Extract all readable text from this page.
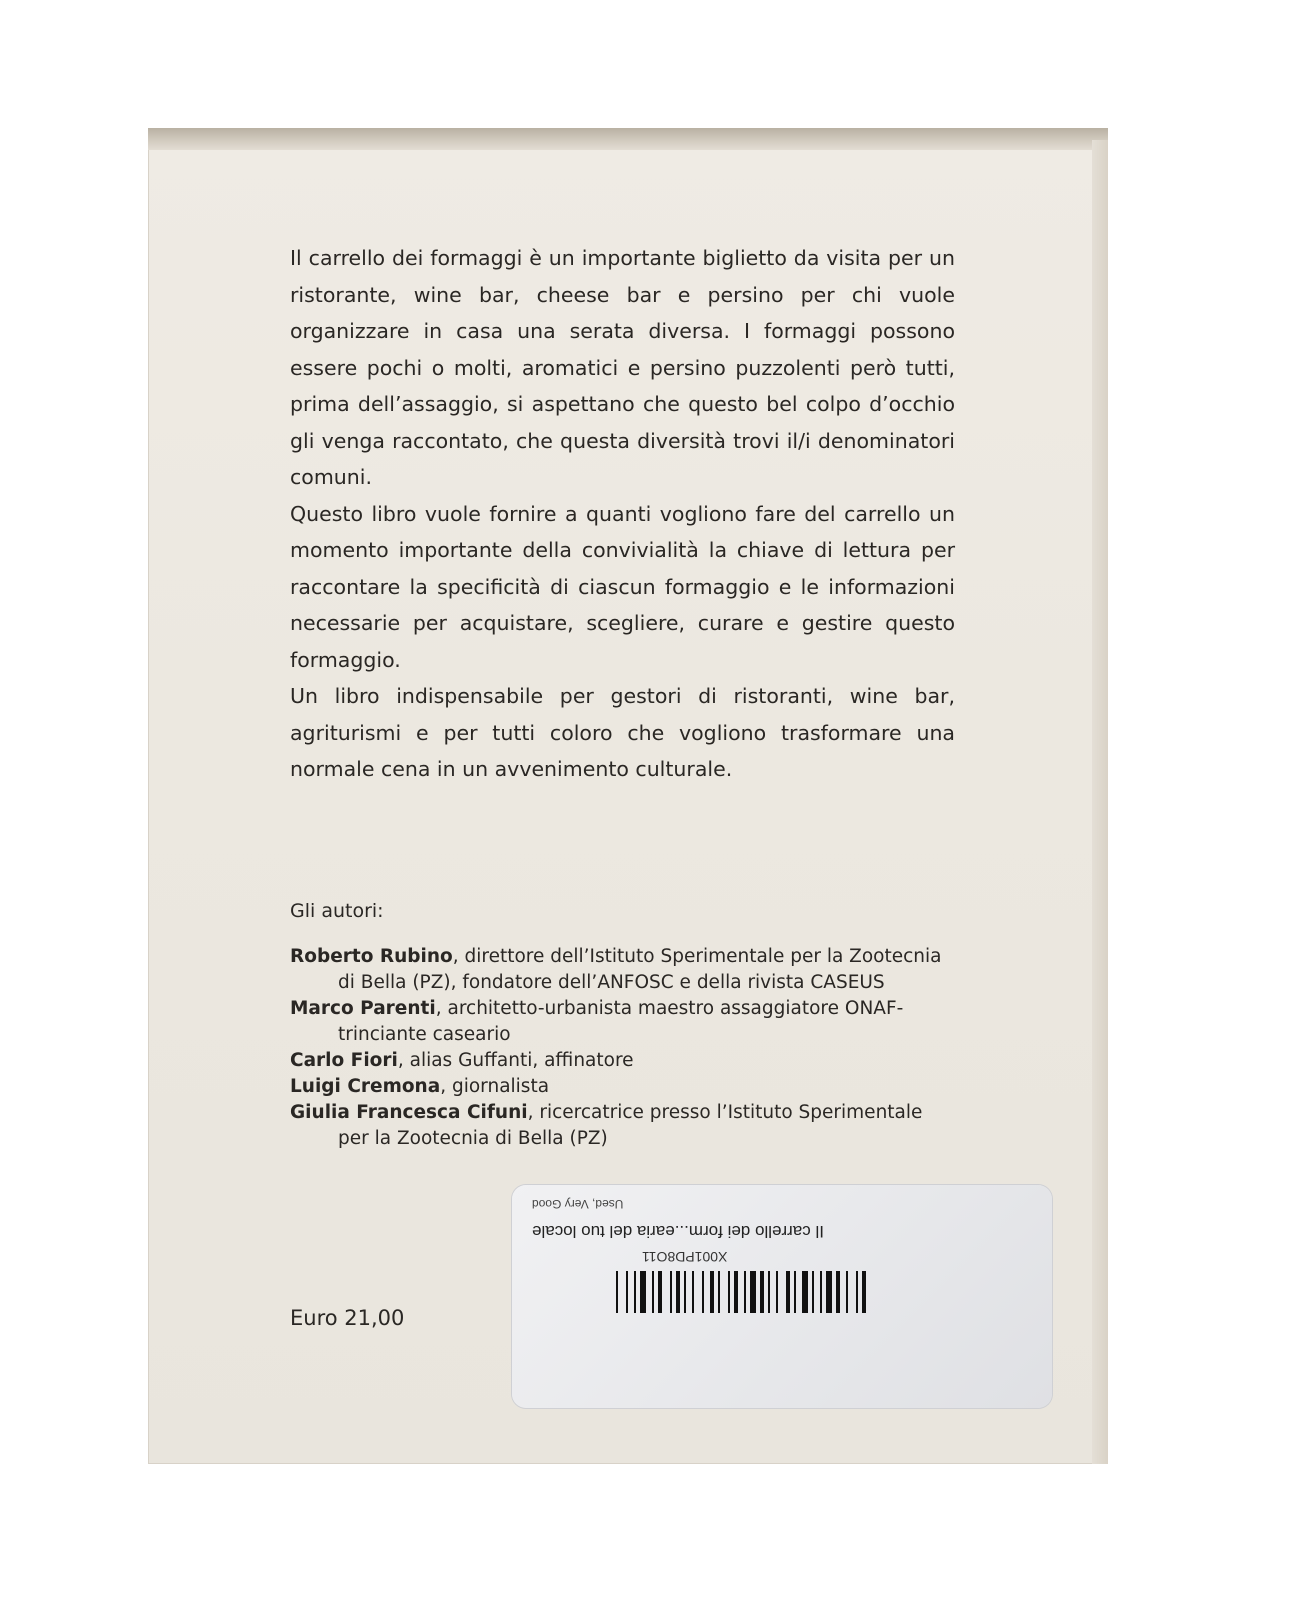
Il carrello dei formaggi è un importante biglietto da visita per un ristorante, wine bar, cheese bar e persino per chi vuole organizzare in casa una serata diversa. I formaggi possono essere pochi o molti, aromatici e persino puzzolenti però tutti, prima dell’assaggio, si aspettano che questo bel colpo d’occhio gli venga raccontato, che questa diversità trovi il/i denominatori comuni.

Questo libro vuole fornire a quanti vogliono fare del carrello un momento importante della convivialità la chiave di lettura per raccontare la specificità di ciascun formaggio e le informazioni necessarie per acquistare, scegliere, curare e gestire questo formaggio.

Un libro indispensabile per gestori di ristoranti, wine bar, agriturismi e per tutti coloro che vogliono trasformare una normale cena in un avvenimento culturale.

Gli autori:

Roberto Rubino, direttore dell’Istituto Sperimentale per la Zootecnia di Bella (PZ), fondatore dell’ANFOSC e della rivista CASEUS
Marco Parenti, architetto-urbanista maestro assaggiatore ONAF-trinciante caseario
Carlo Fiori, alias Guffanti, affinatore
Luigi Cremona, giornalista
Giulia Francesca Cifuni, ricercatrice presso l’Istituto Sperimentale per la Zootecnia di Bella (PZ)

Euro 21,00

Used, Very Good

Il carrello dei form...earia del tuo locale

X001PD8O11
